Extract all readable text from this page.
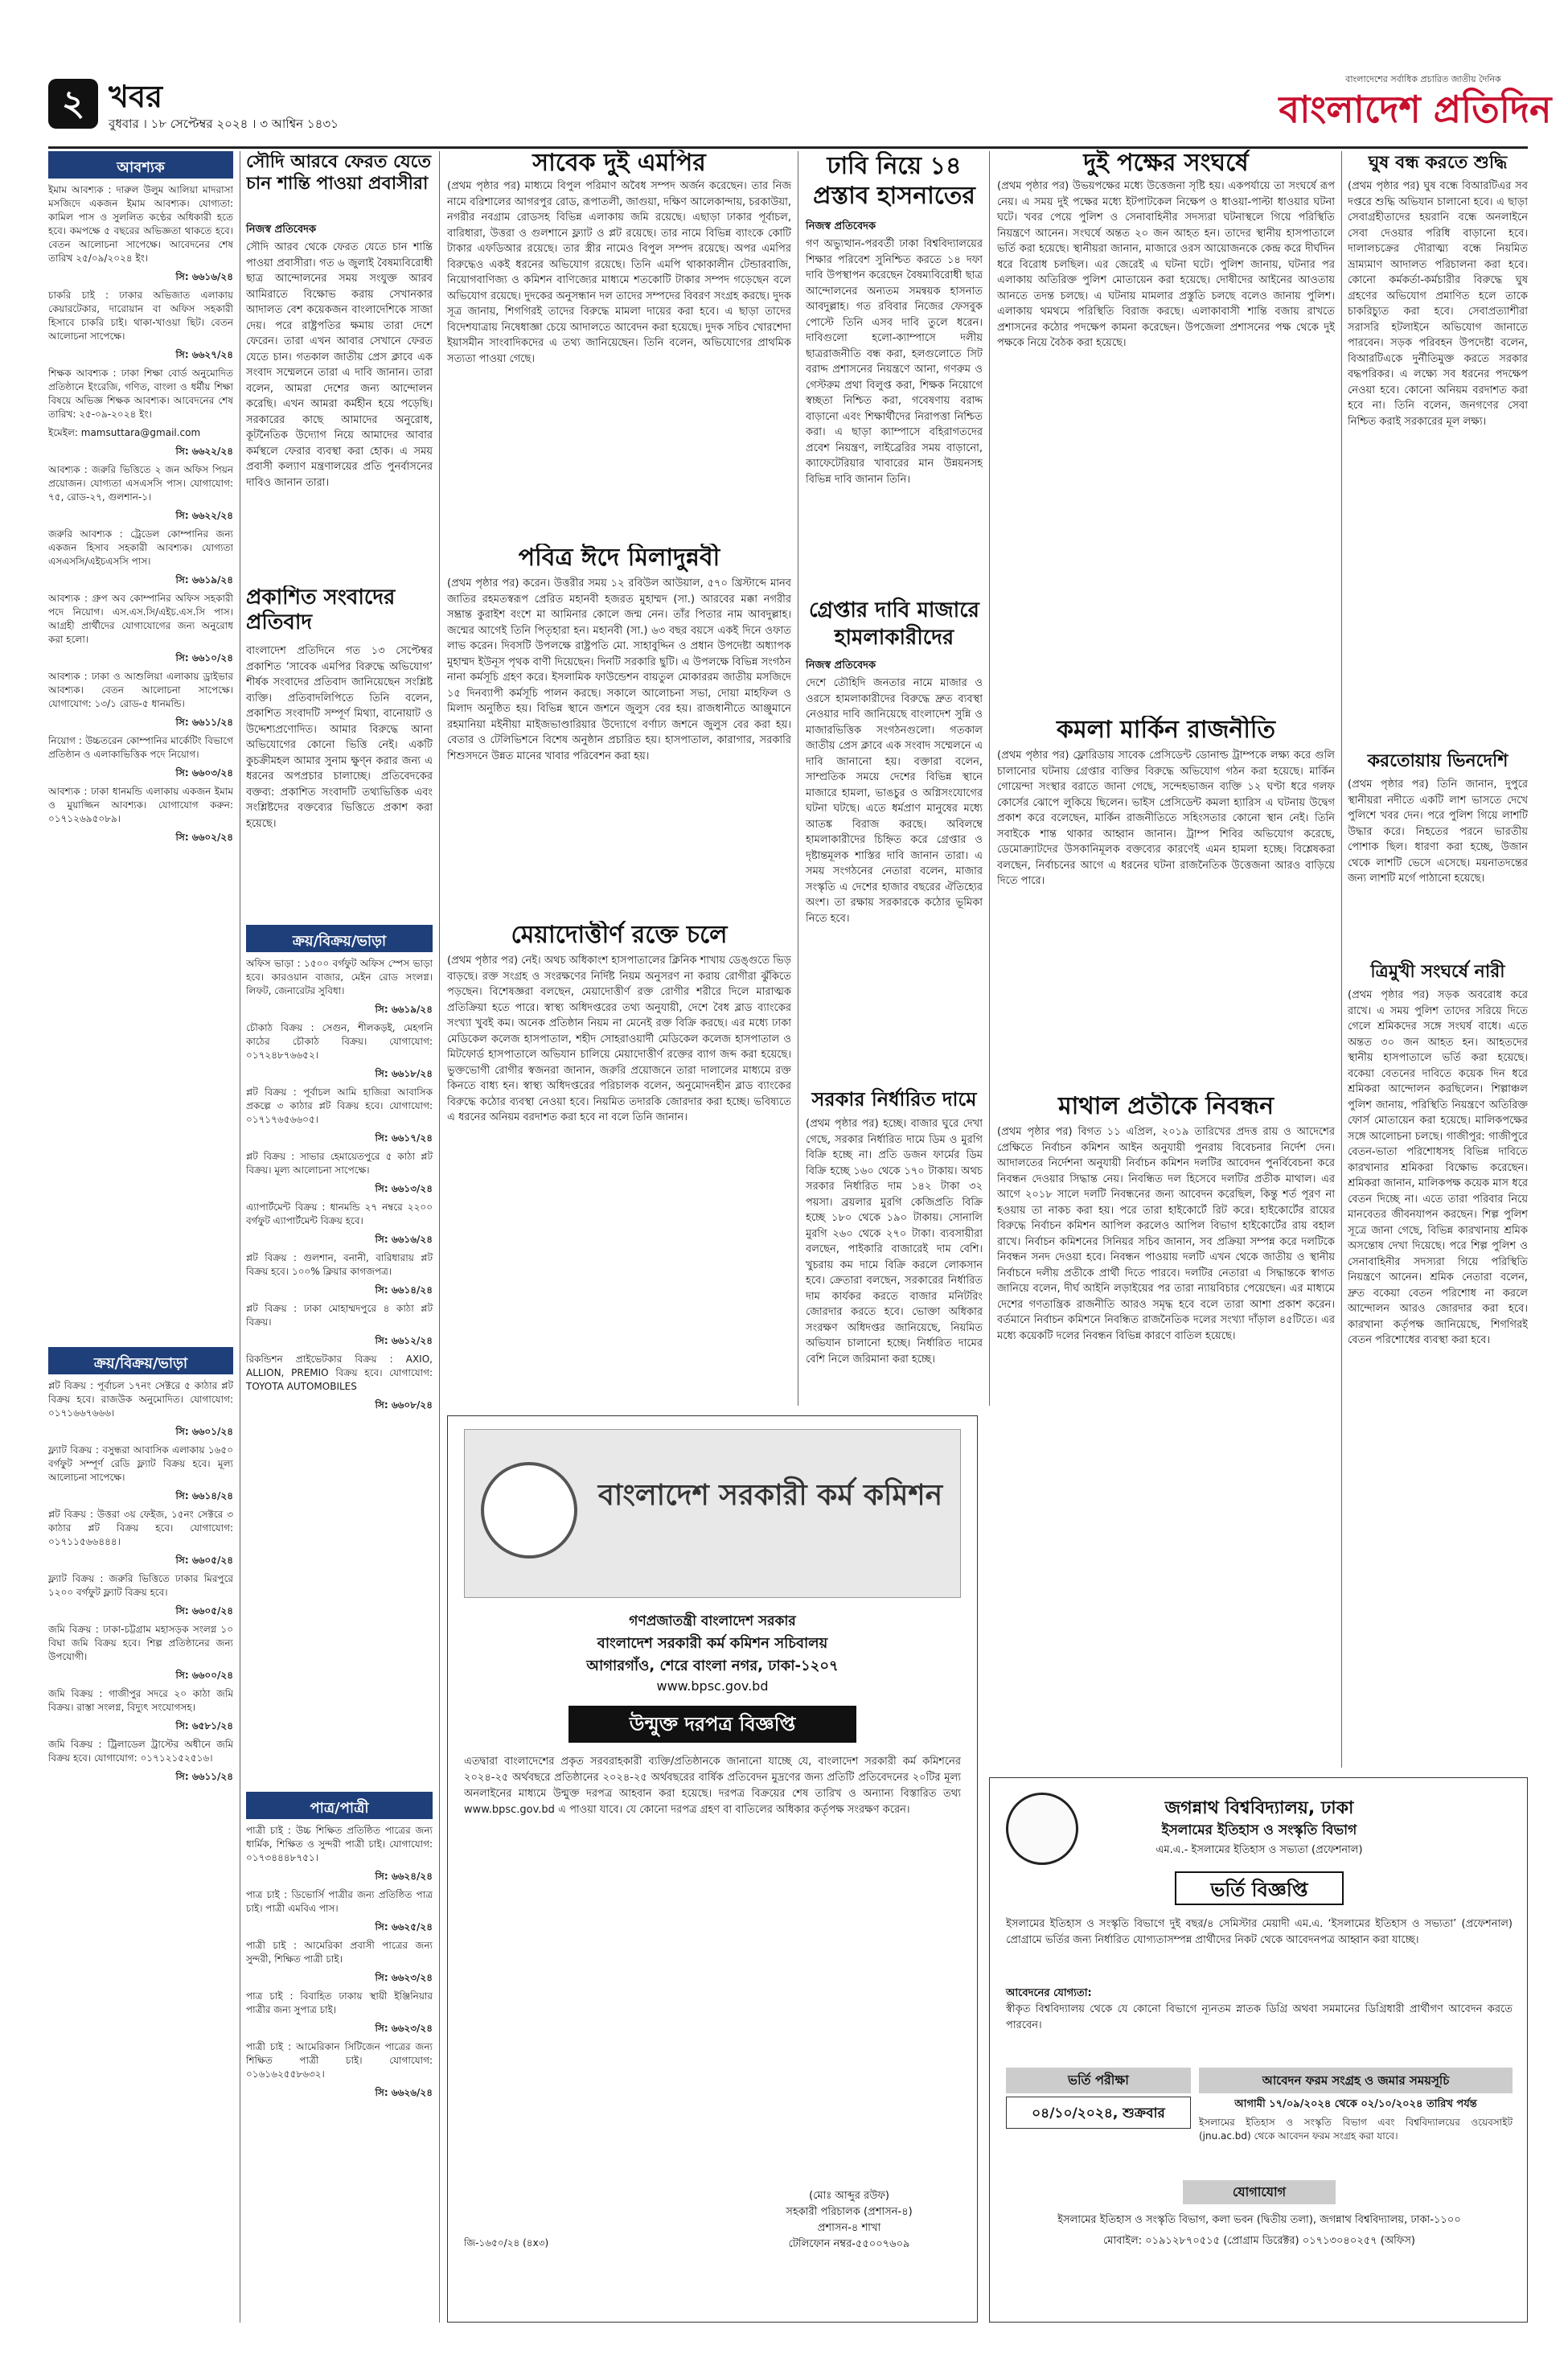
২ খবর
বুধবার । ১৮ সেপ্টেম্বর ২০২৪ । ৩ আশ্বিন ১৪৩১
বাংলাদেশের সর্বাধিক প্রচারিত জাতীয় দৈনিক
বাংলাদেশ প্রতিদিন
আবশ্যক

ইমাম আবশ্যক : দারুল উলুম আলিয়া মাদরাসা মসজিদে একজন ইমাম আবশ্যক। যোগ্যতা: কামিল পাস ও সুললিত কণ্ঠের অধিকারী হতে হবে। কমপক্ষে ৫ বছরের অভিজ্ঞতা থাকতে হবে। বেতন আলোচনা সাপেক্ষে। আবেদনের শেষ তারিখ ২৫/০৯/২০২৪ ইং।

সি: ৬৬১৬/২৪

চাকরি চাই : ঢাকার অভিজাত এলাকায় কেয়ারটেকার, দারোয়ান বা অফিস সহকারী হিসাবে চাকরি চাই। থাকা-খাওয়া ছিট। বেতন আলোচনা সাপেক্ষে।

সি: ৬৬২৭/২৪

শিক্ষক আবশ্যক : ঢাকা শিক্ষা বোর্ড অনুমোদিত প্রতিষ্ঠানে ইংরেজি, গণিত, বাংলা ও ধর্মীয় শিক্ষা বিষয়ে অভিজ্ঞ শিক্ষক আবশ্যক। আবেদনের শেষ তারিখ: ২৫-০৯-২০২৪ ইং।

ইমেইল: mamsuttara@gmail.com

সি: ৬৬২২/২৪

আবশ্যক : জরুরি ভিত্তিতে ২ জন অফিস পিয়ন প্রয়োজন। যোগ্যতা এসএসসি পাস। যোগাযোগ: ৭৫, রোড-২৭, গুলশান-১।

সি: ৬৬২২/২৪

জরুরি আবশ্যক : ট্রেডেল কোম্পানির জন্য একজন হিসাব সহকারী আবশ্যক। যোগ্যতা এসএসসি/এইচএসসি পাস।

সি: ৬৬১৯/২৪

আবশ্যক : গ্রুপ অব কোম্পানির অফিস সহকারী পদে নিয়োগ। এস.এস.সি/এইচ.এস.সি পাস। আগ্রহী প্রার্থীদের যোগাযোগের জন্য অনুরোধ করা হলো।

সি: ৬৬১০/২৪

আবশ্যক : ঢাকা ও আশুলিয়া এলাকায় ড্রাইভার আবশ্যক। বেতন আলোচনা সাপেক্ষে। যোগাযোগ: ১৩/১ রোড-৫ ধানমন্ডি।

সি: ৬৬১১/২৪

নিয়োগ : উচ্চতরেন কোম্পানির মার্কেটিং বিভাগে প্রতিষ্ঠান ও এলাকাভিত্তিক পদে নিয়োগ।

সি: ৬৬০৩/২৪

আবশ্যক : ঢাকা ধানমন্ডি এলাকায় একজন ইমাম ও মুয়াজ্জিন আবশ্যক। যোগাযোগ করুন: ০১৭১২৬৯৫০৮৯।

সি: ৬৬০২/২৪

ক্রয়/বিক্রয়/ভাড়া

প্লট বিক্রয় : পূর্বাচল ১৭নং সেক্টরে ৫ কাঠার প্লট বিক্রয় হবে। রাজউক অনুমোদিত। যোগাযোগ: ০১৭১৬৬৭৬৬৬।

সি: ৬৬০১/২৪

ফ্ল্যাট বিক্রয় : বসুন্ধরা আবাসিক এলাকায় ১৬৫০ বর্গফুট সম্পূর্ণ রেডি ফ্ল্যাট বিক্রয় হবে। মূল্য আলোচনা সাপেক্ষে।

সি: ৬৬১৪/২৪

প্লট বিক্রয় : উত্তরা ৩য় ফেইজ, ১৫নং সেক্টরে ৩ কাঠার প্লট বিক্রয় হবে। যোগাযোগ: ০১৭১১৫৬৬৪৪৪।

সি: ৬৬০৫/২৪

ফ্ল্যাট বিক্রয় : জরুরি ভিত্তিতে ঢাকার মিরপুরে ১২০০ বর্গফুট ফ্ল্যাট বিক্রয় হবে।

সি: ৬৬০৫/২৪

জমি বিক্রয় : ঢাকা-চট্টগ্রাম মহাসড়ক সংলগ্ন ১০ বিঘা জমি বিক্রয় হবে। শিল্প প্রতিষ্ঠানের জন্য উপযোগী।

সি: ৬৬০০/২৪

জমি বিক্রয় : গাজীপুর সদরে ২০ কাঠা জমি বিক্রয়। রাস্তা সংলগ্ন, বিদ্যুৎ সংযোগসহ।

সি: ৬৫৮১/২৪

জমি বিক্রয় : ট্রিলাডেল ট্রাস্টের অধীনে জমি বিক্রয় হবে। যোগাযোগ: ০১৭১২১৫২৫১৬।

সি: ৬৬১১/২৪

সৌদি আরবে ফেরত যেতে চান শান্তি পাওয়া প্রবাসীরা
নিজস্ব প্রতিবেদক
সৌদি আরব থেকে ফেরত যেতে চান শান্তি পাওয়া প্রবাসীরা। গত ৬ জুলাই বৈষম্যবিরোধী ছাত্র আন্দোলনের সময় সংযুক্ত আরব আমিরাতে বিক্ষোভ করায় সেখানকার আদালত বেশ কয়েকজন বাংলাদেশিকে সাজা দেয়। পরে রাষ্ট্রপতির ক্ষমায় তারা দেশে ফেরেন। তারা এখন আবার সেখানে ফেরত যেতে চান। গতকাল জাতীয় প্রেস ক্লাবে এক সংবাদ সম্মেলনে তারা এ দাবি জানান। তারা বলেন, আমরা দেশের জন্য আন্দোলন করেছি। এখন আমরা কর্মহীন হয়ে পড়েছি। সরকারের কাছে আমাদের অনুরোধ, কূটনৈতিক উদ্যোগ নিয়ে আমাদের আবার কর্মস্থলে ফেরার ব্যবস্থা করা হোক। এ সময় প্রবাসী কল্যাণ মন্ত্রণালয়ের প্রতি পুনর্বাসনের দাবিও জানান তারা।
প্রকাশিত সংবাদের প্রতিবাদ
বাংলাদেশ প্রতিদিনে গত ১৩ সেপ্টেম্বর প্রকাশিত ‘সাবেক এমপির বিরুদ্ধে অভিযোগ’ শীর্ষক সংবাদের প্রতিবাদ জানিয়েছেন সংশ্লিষ্ট ব্যক্তি। প্রতিবাদলিপিতে তিনি বলেন, প্রকাশিত সংবাদটি সম্পূর্ণ মিথ্যা, বানোয়াট ও উদ্দেশ্যপ্রণোদিত। আমার বিরুদ্ধে আনা অভিযোগের কোনো ভিত্তি নেই। একটি কুচক্রীমহল আমার সুনাম ক্ষুণ্ন করার জন্য এ ধরনের অপপ্রচার চালাচ্ছে। প্রতিবেদকের বক্তব্য: প্রকাশিত সংবাদটি তথ্যভিত্তিক এবং সংশ্লিষ্টদের বক্তব্যের ভিত্তিতে প্রকাশ করা হয়েছে।
ক্রয়/বিক্রয়/ভাড়া

অফিস ভাড়া : ১৫০০ বর্গফুট অফিস স্পেস ভাড়া হবে। কারওয়ান বাজার, মেইন রোড সংলগ্ন। লিফট, জেনারেটর সুবিধা।

সি: ৬৬১৯/২৪

চৌকাঠ বিক্রয় : সেগুন, শীলকড়ই, মেহগনি কাঠের চৌকাঠ বিক্রয়। যোগাযোগ: ০১৭২৪৮৭৬৬৫২।

সি: ৬৬১৮/২৪

প্লট বিক্রয় : পূর্বাচল আমি হাজিরা আবাসিক প্রকল্পে ৩ কাঠার প্লট বিক্রয় হবে। যোগাযোগ: ০১৭১৭৬৫৬৬০৫।

সি: ৬৬১৭/২৪

প্লট বিক্রয় : সাভার হেমায়েতপুরে ৫ কাঠা প্লট বিক্রয়। মূল্য আলোচনা সাপেক্ষে।

সি: ৬৬১৩/২৪

এ্যাপার্টমেন্ট বিক্রয় : ধানমন্ডি ২৭ নম্বরে ২২০০ বর্গফুট এ্যাপার্টমেন্ট বিক্রয় হবে।

সি: ৬৬১৬/২৪

প্লট বিক্রয় : গুলশান, বনানী, বারিধারায় প্লট বিক্রয় হবে। ১০০% ক্লিয়ার কাগজপত্র।

সি: ৬৬১৪/২৪

প্লট বিক্রয় : ঢাকা মোহাম্মদপুরে ৪ কাঠা প্লট বিক্রয়।

সি: ৬৬১২/২৪

রিকন্ডিশন প্রাইভেটকার বিক্রয় : AXIO, ALLION, PREMIO বিক্রয় হবে। যোগাযোগ: TOYOTA AUTOMOBILES

সি: ৬৬০৮/২৪

পাত্র/পাত্রী

পাত্রী চাই : উচ্চ শিক্ষিত প্রতিষ্ঠিত পাত্রের জন্য ধার্মিক, শিক্ষিত ও সুন্দরী পাত্রী চাই। যোগাযোগ: ০১৭৩৪৪৪৮৭৫১।

সি: ৬৬২৪/২৪

পাত্র চাই : ডিভোর্সি পাত্রীর জন্য প্রতিষ্ঠিত পাত্র চাই। পাত্রী এমবিএ পাস।

সি: ৬৬২৫/২৪

পাত্রী চাই : আমেরিকা প্রবাসী পাত্রের জন্য সুন্দরী, শিক্ষিত পাত্রী চাই।

সি: ৬৬২৩/২৪

পাত্র চাই : বিবাহিত ঢাকায় স্থায়ী ইঞ্জিনিয়ার পাত্রীর জন্য সুপাত্র চাই।

সি: ৬৬২৩/২৪

পাত্রী চাই : আমেরিকান সিটিজেন পাত্রের জন্য শিক্ষিত পাত্রী চাই। যোগাযোগ: ০১৬১৬২৫৫৮৬৩২।

সি: ৬৬২৬/২৪

সাবেক দুই এমপির
(প্রথম পৃষ্ঠার পর) মাধ্যমে বিপুল পরিমাণ অবৈধ সম্পদ অর্জন করেছেন। তার নিজ নামে বরিশালের আগরপুর রোড, রূপাতলী, জাগুয়া, দক্ষিণ আলেকান্দায়, চরকাউয়া, নগরীর নবগ্রাম রোডসহ বিভিন্ন এলাকায় জমি রয়েছে। এছাড়া ঢাকার পূর্বাচল, বারিধারা, উত্তরা ও গুলশানে ফ্ল্যাট ও প্লট রয়েছে। তার নামে বিভিন্ন ব্যাংকে কোটি টাকার এফডিআর রয়েছে। তার স্ত্রীর নামেও বিপুল সম্পদ রয়েছে। অপর এমপির বিরুদ্ধেও একই ধরনের অভিযোগ রয়েছে। তিনি এমপি থাকাকালীন টেন্ডারবাজি, নিয়োগবাণিজ্য ও কমিশন বাণিজ্যের মাধ্যমে শতকোটি টাকার সম্পদ গড়েছেন বলে অভিযোগ রয়েছে। দুদকের অনুসন্ধান দল তাদের সম্পদের বিবরণ সংগ্রহ করছে। দুদক সূত্র জানায়, শিগগিরই তাদের বিরুদ্ধে মামলা দায়ের করা হবে। এ ছাড়া তাদের বিদেশযাত্রায় নিষেধাজ্ঞা চেয়ে আদালতে আবেদন করা হয়েছে। দুদক সচিব খোরশেদা ইয়াসমীন সাংবাদিকদের এ তথ্য জানিয়েছেন। তিনি বলেন, অভিযোগের প্রাথমিক সত্যতা পাওয়া গেছে।
পবিত্র ঈদে মিলাদুন্নবী
(প্রথম পৃষ্ঠার পর) করেন। উত্তরীর সময় ১২ রবিউল আউয়াল, ৫৭০ খ্রিস্টাব্দে মানব জাতির রহমতস্বরূপ প্রেরিত মহানবী হজরত মুহাম্মদ (সা.) আরবের মক্কা নগরীর সম্ভ্রান্ত কুরাইশ বংশে মা আমিনার কোলে জন্ম নেন। তাঁর পিতার নাম আবদুল্লাহ। জন্মের আগেই তিনি পিতৃহারা হন। মহানবী (সা.) ৬৩ বছর বয়সে একই দিনে ওফাত লাভ করেন। দিবসটি উপলক্ষে রাষ্ট্রপতি মো. সাহাবুদ্দিন ও প্রধান উপদেষ্টা অধ্যাপক মুহাম্মদ ইউনূস পৃথক বাণী দিয়েছেন। দিনটি সরকারি ছুটি। এ উপলক্ষে বিভিন্ন সংগঠন নানা কর্মসূচি গ্রহণ করে। ইসলামিক ফাউন্ডেশন বায়তুল মোকাররম জাতীয় মসজিদে ১৫ দিনব্যাপী কর্মসূচি পালন করছে। সকালে আলোচনা সভা, দোয়া মাহফিল ও মিলাদ অনুষ্ঠিত হয়। বিভিন্ন স্থানে জশনে জুলুস বের হয়। রাজধানীতে আঞ্জুমানে রহমানিয়া মইনীয়া মাইজভাণ্ডারিয়ার উদ্যোগে বর্ণাঢ্য জশনে জুলুস বের করা হয়। বেতার ও টেলিভিশনে বিশেষ অনুষ্ঠান প্রচারিত হয়। হাসপাতাল, কারাগার, সরকারি শিশুসদনে উন্নত মানের খাবার পরিবেশন করা হয়।
মেয়াদোত্তীর্ণ রক্তে চলে
(প্রথম পৃষ্ঠার পর) নেই। অথচ অধিকাংশ হাসপাতালের ক্লিনিক শাখায় ডেঙ্গুতে ভিড় বাড়ছে। রক্ত সংগ্রহ ও সংরক্ষণের নির্দিষ্ট নিয়ম অনুসরণ না করায় রোগীরা ঝুঁকিতে পড়ছেন। বিশেষজ্ঞরা বলছেন, মেয়াদোত্তীর্ণ রক্ত রোগীর শরীরে দিলে মারাত্মক প্রতিক্রিয়া হতে পারে। স্বাস্থ্য অধিদপ্তরের তথ্য অনুযায়ী, দেশে বৈধ ব্লাড ব্যাংকের সংখ্যা খুবই কম। অনেক প্রতিষ্ঠান নিয়ম না মেনেই রক্ত বিক্রি করছে। এর মধ্যে ঢাকা মেডিকেল কলেজ হাসপাতাল, শহীদ সোহরাওয়ার্দী মেডিকেল কলেজ হাসপাতাল ও মিটফোর্ড হাসপাতালে অভিযান চালিয়ে মেয়াদোত্তীর্ণ রক্তের ব্যাগ জব্দ করা হয়েছে। ভুক্তভোগী রোগীর স্বজনরা জানান, জরুরি প্রয়োজনে তারা দালালের মাধ্যমে রক্ত কিনতে বাধ্য হন। স্বাস্থ্য অধিদপ্তরের পরিচালক বলেন, অনুমোদনহীন ব্লাড ব্যাংকের বিরুদ্ধে কঠোর ব্যবস্থা নেওয়া হবে। নিয়মিত তদারকি জোরদার করা হচ্ছে। ভবিষ্যতে এ ধরনের অনিয়ম বরদাশত করা হবে না বলে তিনি জানান।
ঢাবি নিয়ে ১৪ প্রস্তাব হাসনাতের
নিজস্ব প্রতিবেদক
গণ অভ্যুত্থান-পরবর্তী ঢাকা বিশ্ববিদ্যালয়ের শিক্ষার পরিবেশ সুনিশ্চিত করতে ১৪ দফা দাবি উপস্থাপন করেছেন বৈষম্যবিরোধী ছাত্র আন্দোলনের অন্যতম সমন্বয়ক হাসনাত আবদুল্লাহ। গত রবিবার নিজের ফেসবুক পোস্টে তিনি এসব দাবি তুলে ধরেন। দাবিগুলো হলো-ক্যাম্পাসে দলীয় ছাত্ররাজনীতি বন্ধ করা, হলগুলোতে সিট বরাদ্দ প্রশাসনের নিয়ন্ত্রণে আনা, গণরুম ও গেস্টরুম প্রথা বিলুপ্ত করা, শিক্ষক নিয়োগে স্বচ্ছতা নিশ্চিত করা, গবেষণায় বরাদ্দ বাড়ানো এবং শিক্ষার্থীদের নিরাপত্তা নিশ্চিত করা। এ ছাড়া ক্যাম্পাসে বহিরাগতদের প্রবেশ নিয়ন্ত্রণ, লাইব্রেরির সময় বাড়ানো, ক্যাফেটেরিয়ার খাবারের মান উন্নয়নসহ বিভিন্ন দাবি জানান তিনি।
গ্রেপ্তার দাবি মাজারে হামলাকারীদের
নিজস্ব প্রতিবেদক
দেশে তৌহিদি জনতার নামে মাজার ও ওরসে হামলাকারীদের বিরুদ্ধে দ্রুত ব্যবস্থা নেওয়ার দাবি জানিয়েছে বাংলাদেশ সুন্নি ও মাজারভিত্তিক সংগঠনগুলো। গতকাল জাতীয় প্রেস ক্লাবে এক সংবাদ সম্মেলনে এ দাবি জানানো হয়। বক্তারা বলেন, সাম্প্রতিক সময়ে দেশের বিভিন্ন স্থানে মাজারে হামলা, ভাঙচুর ও অগ্নিসংযোগের ঘটনা ঘটছে। এতে ধর্মপ্রাণ মানুষের মধ্যে আতঙ্ক বিরাজ করছে। অবিলম্বে হামলাকারীদের চিহ্নিত করে গ্রেপ্তার ও দৃষ্টান্তমূলক শাস্তির দাবি জানান তারা। এ সময় সংগঠনের নেতারা বলেন, মাজার সংস্কৃতি এ দেশের হাজার বছরের ঐতিহ্যের অংশ। তা রক্ষায় সরকারকে কঠোর ভূমিকা নিতে হবে।
সরকার নির্ধারিত দামে
(প্রথম পৃষ্ঠার পর) হচ্ছে। বাজার ঘুরে দেখা গেছে, সরকার নির্ধারিত দামে ডিম ও মুরগি বিক্রি হচ্ছে না। প্রতি ডজন ফার্মের ডিম বিক্রি হচ্ছে ১৬০ থেকে ১৭০ টাকায়। অথচ সরকার নির্ধারিত দাম ১৪২ টাকা ৩২ পয়সা। ব্রয়লার মুরগি কেজিপ্রতি বিক্রি হচ্ছে ১৮০ থেকে ১৯০ টাকায়। সোনালি মুরগি ২৬০ থেকে ২৭০ টাকা। ব্যবসায়ীরা বলছেন, পাইকারি বাজারেই দাম বেশি। খুচরায় কম দামে বিক্রি করলে লোকসান হবে। ক্রেতারা বলছেন, সরকারের নির্ধারিত দাম কার্যকর করতে বাজার মনিটরিং জোরদার করতে হবে। ভোক্তা অধিকার সংরক্ষণ অধিদপ্তর জানিয়েছে, নিয়মিত অভিযান চালানো হচ্ছে। নির্ধারিত দামের বেশি নিলে জরিমানা করা হচ্ছে।
দুই পক্ষের সংঘর্ষে
(প্রথম পৃষ্ঠার পর) উভয়পক্ষের মধ্যে উত্তেজনা সৃষ্টি হয়। একপর্যায়ে তা সংঘর্ষে রূপ নেয়। এ সময় দুই পক্ষের মধ্যে ইটপাটকেল নিক্ষেপ ও ধাওয়া-পাল্টা ধাওয়ার ঘটনা ঘটে। খবর পেয়ে পুলিশ ও সেনাবাহিনীর সদস্যরা ঘটনাস্থলে গিয়ে পরিস্থিতি নিয়ন্ত্রণে আনেন। সংঘর্ষে অন্তত ২০ জন আহত হন। তাদের স্থানীয় হাসপাতালে ভর্তি করা হয়েছে। স্থানীয়রা জানান, মাজারে ওরস আয়োজনকে কেন্দ্র করে দীর্ঘদিন ধরে বিরোধ চলছিল। এর জেরেই এ ঘটনা ঘটে। পুলিশ জানায়, ঘটনার পর এলাকায় অতিরিক্ত পুলিশ মোতায়েন করা হয়েছে। দোষীদের আইনের আওতায় আনতে তদন্ত চলছে। এ ঘটনায় মামলার প্রস্তুতি চলছে বলেও জানায় পুলিশ। এলাকায় থমথমে পরিস্থিতি বিরাজ করছে। এলাকাবাসী শান্তি বজায় রাখতে প্রশাসনের কঠোর পদক্ষেপ কামনা করেছেন। উপজেলা প্রশাসনের পক্ষ থেকে দুই পক্ষকে নিয়ে বৈঠক করা হয়েছে।
কমলা মার্কিন রাজনীতি
(প্রথম পৃষ্ঠার পর) ফ্লোরিডায় সাবেক প্রেসিডেন্ট ডোনাল্ড ট্রাম্পকে লক্ষ্য করে গুলি চালানোর ঘটনায় গ্রেপ্তার ব্যক্তির বিরুদ্ধে অভিযোগ গঠন করা হয়েছে। মার্কিন গোয়েন্দা সংস্থার বরাতে জানা গেছে, সন্দেহভাজন ব্যক্তি ১২ ঘণ্টা ধরে গলফ কোর্সের ঝোপে লুকিয়ে ছিলেন। ভাইস প্রেসিডেন্ট কমলা হ্যারিস এ ঘটনায় উদ্বেগ প্রকাশ করে বলেছেন, মার্কিন রাজনীতিতে সহিংসতার কোনো স্থান নেই। তিনি সবাইকে শান্ত থাকার আহ্বান জানান। ট্রাম্প শিবির অভিযোগ করেছে, ডেমোক্র্যাটদের উসকানিমূলক বক্তব্যের কারণেই এমন হামলা হচ্ছে। বিশ্লেষকরা বলছেন, নির্বাচনের আগে এ ধরনের ঘটনা রাজনৈতিক উত্তেজনা আরও বাড়িয়ে দিতে পারে।
মাথাল প্রতীকে নিবন্ধন
(প্রথম পৃষ্ঠার পর) বিগত ১১ এপ্রিল, ২০১৯ তারিখের প্রদত্ত রায় ও আদেশের প্রেক্ষিতে নির্বাচন কমিশন আইন অনুযায়ী পুনরায় বিবেচনার নির্দেশ দেন। আদালতের নির্দেশনা অনুযায়ী নির্বাচন কমিশন দলটির আবেদন পুনর্বিবেচনা করে নিবন্ধন দেওয়ার সিদ্ধান্ত নেয়। নিবন্ধিত দল হিসেবে দলটির প্রতীক মাথাল। এর আগে ২০১৮ সালে দলটি নিবন্ধনের জন্য আবেদন করেছিল, কিন্তু শর্ত পূরণ না হওয়ায় তা নাকচ করা হয়। পরে তারা হাইকোর্টে রিট করে। হাইকোর্টের রায়ের বিরুদ্ধে নির্বাচন কমিশন আপিল করলেও আপিল বিভাগ হাইকোর্টের রায় বহাল রাখে। নির্বাচন কমিশনের সিনিয়র সচিব জানান, সব প্রক্রিয়া সম্পন্ন করে দলটিকে নিবন্ধন সনদ দেওয়া হবে। নিবন্ধন পাওয়ায় দলটি এখন থেকে জাতীয় ও স্থানীয় নির্বাচনে দলীয় প্রতীকে প্রার্থী দিতে পারবে। দলটির নেতারা এ সিদ্ধান্তকে স্বাগত জানিয়ে বলেন, দীর্ঘ আইনি লড়াইয়ের পর তারা ন্যায়বিচার পেয়েছেন। এর মাধ্যমে দেশের গণতান্ত্রিক রাজনীতি আরও সমৃদ্ধ হবে বলে তারা আশা প্রকাশ করেন। বর্তমানে নির্বাচন কমিশনে নিবন্ধিত রাজনৈতিক দলের সংখ্যা দাঁড়াল ৪৫টিতে। এর মধ্যে কয়েকটি দলের নিবন্ধন বিভিন্ন কারণে বাতিল হয়েছে।
ঘুষ বন্ধ করতে শুদ্ধি
(প্রথম পৃষ্ঠার পর) ঘুষ বন্ধে বিআরটিএর সব দপ্তরে শুদ্ধি অভিযান চালানো হবে। এ ছাড়া সেবাগ্রহীতাদের হয়রানি বন্ধে অনলাইনে সেবা দেওয়ার পরিধি বাড়ানো হবে। দালালচক্রের দৌরাত্ম্য বন্ধে নিয়মিত ভ্রাম্যমাণ আদালত পরিচালনা করা হবে। কোনো কর্মকর্তা-কর্মচারীর বিরুদ্ধে ঘুষ গ্রহণের অভিযোগ প্রমাণিত হলে তাকে চাকরিচ্যুত করা হবে। সেবাপ্রত্যাশীরা সরাসরি হটলাইনে অভিযোগ জানাতে পারবেন। সড়ক পরিবহন উপদেষ্টা বলেন, বিআরটিএকে দুর্নীতিমুক্ত করতে সরকার বদ্ধপরিকর। এ লক্ষ্যে সব ধরনের পদক্ষেপ নেওয়া হবে। কোনো অনিয়ম বরদাশত করা হবে না। তিনি বলেন, জনগণের সেবা নিশ্চিত করাই সরকারের মূল লক্ষ্য।
করতোয়ায় ভিনদেশি
(প্রথম পৃষ্ঠার পর) তিনি জানান, দুপুরে স্থানীয়রা নদীতে একটি লাশ ভাসতে দেখে পুলিশে খবর দেন। পরে পুলিশ গিয়ে লাশটি উদ্ধার করে। নিহতের পরনে ভারতীয় পোশাক ছিল। ধারণা করা হচ্ছে, উজান থেকে লাশটি ভেসে এসেছে। ময়নাতদন্তের জন্য লাশটি মর্গে পাঠানো হয়েছে।
ত্রিমুখী সংঘর্ষে নারী
(প্রথম পৃষ্ঠার পর) সড়ক অবরোধ করে রাখে। এ সময় পুলিশ তাদের সরিয়ে দিতে গেলে শ্রমিকদের সঙ্গে সংঘর্ষ বাধে। এতে অন্তত ৩০ জন আহত হন। আহতদের স্থানীয় হাসপাতালে ভর্তি করা হয়েছে। বকেয়া বেতনের দাবিতে কয়েক দিন ধরে শ্রমিকরা আন্দোলন করছিলেন। শিল্পাঞ্চল পুলিশ জানায়, পরিস্থিতি নিয়ন্ত্রণে অতিরিক্ত ফোর্স মোতায়েন করা হয়েছে। মালিকপক্ষের সঙ্গে আলোচনা চলছে। গাজীপুর: গাজীপুরে বেতন-ভাতা পরিশোধসহ বিভিন্ন দাবিতে কারখানার শ্রমিকরা বিক্ষোভ করেছেন। শ্রমিকরা জানান, মালিকপক্ষ কয়েক মাস ধরে বেতন দিচ্ছে না। এতে তারা পরিবার নিয়ে মানবেতর জীবনযাপন করছেন। শিল্প পুলিশ সূত্রে জানা গেছে, বিভিন্ন কারখানায় শ্রমিক অসন্তোষ দেখা দিয়েছে। পরে শিল্প পুলিশ ও সেনাবাহিনীর সদস্যরা গিয়ে পরিস্থিতি নিয়ন্ত্রণে আনেন। শ্রমিক নেতারা বলেন, দ্রুত বকেয়া বেতন পরিশোধ না করলে আন্দোলন আরও জোরদার করা হবে। কারখানা কর্তৃপক্ষ জানিয়েছে, শিগগিরই বেতন পরিশোধের ব্যবস্থা করা হবে।
বাংলাদেশ সরকারী কর্ম কমিশন
গণপ্রজাতন্ত্রী বাংলাদেশ সরকার
বাংলাদেশ সরকারী কর্ম কমিশন সচিবালয়
আগারগাঁও, শেরে বাংলা নগর, ঢাকা-১২০৭
www.bpsc.gov.bd
উন্মুক্ত দরপত্র বিজ্ঞপ্তি
এতদ্বারা বাংলাদেশের প্রকৃত সরবরাহকারী ব্যক্তি/প্রতিষ্ঠানকে জানানো যাচ্ছে যে, বাংলাদেশ সরকারী কর্ম কমিশনের ২০২৪-২৫ অর্থবছরে প্রতিষ্ঠানের ২০২৪-২৫ অর্থবছরের বার্ষিক প্রতিবেদন মুদ্রণের জন্য প্রতিটি প্রতিবেদনের ২০টির মূল্য অনলাইনের মাধ্যমে উন্মুক্ত দরপত্র আহবান করা হয়েছে। দরপত্র বিক্রয়ের শেষ তারিখ ও অন্যান্য বিস্তারিত তথ্য www.bpsc.gov.bd এ পাওয়া যাবে। যে কোনো দরপত্র গ্রহণ বা বাতিলের অধিকার কর্তৃপক্ষ সংরক্ষণ করেন।
(মোঃ আব্দুর রউফ)
সহকারী পরিচালক (প্রশাসন-৪)
প্রশাসন-৪ শাখা
টেলিফোন নম্বর-৫৫০০৭৬০৯
জি-১৬৫০/২৪ (৪x৩)
জগন্নাথ বিশ্ববিদ্যালয়, ঢাকা
ইসলামের ইতিহাস ও সংস্কৃতি বিভাগ
এম.এ.- ইসলামের ইতিহাস ও সভ্যতা (প্রফেশনাল)
ভর্তি বিজ্ঞপ্তি
ইসলামের ইতিহাস ও সংস্কৃতি বিভাগে দুই বছর/৪ সেমিস্টার মেয়াদী এম.এ. ‘ইসলামের ইতিহাস ও সভ্যতা’ (প্রফেশনাল) প্রোগ্রামে ভর্তির জন্য নির্ধারিত যোগ্যতাসম্পন্ন প্রার্থীদের নিকট থেকে আবেদনপত্র আহ্বান করা যাচ্ছে।
আবেদনের যোগ্যতা:
স্বীকৃত বিশ্ববিদ্যালয় থেকে যে কোনো বিভাগে ন্যূনতম স্নাতক ডিগ্রি অথবা সমমানের ডিগ্রিধারী প্রার্থীগণ আবেদন করতে পারবেন।
ভর্তি পরীক্ষা
০৪/১০/২০২৪, শুক্রবার
আবেদন ফরম সংগ্রহ ও জমার সময়সূচি
আগামী ১৭/০৯/২০২৪ থেকে ০২/১০/২০২৪ তারিখ পর্যন্ত
ইসলামের ইতিহাস ও সংস্কৃতি বিভাগ এবং বিশ্ববিদ্যালয়ের ওয়েবসাইট (jnu.ac.bd) থেকে আবেদন ফরম সংগ্রহ করা যাবে।
যোগাযোগ
ইসলামের ইতিহাস ও সংস্কৃতি বিভাগ, কলা ভবন (দ্বিতীয় তলা), জগন্নাথ বিশ্ববিদ্যালয়, ঢাকা-১১০০
মোবাইল: ০১৯১২৮৭০৫১৫ (প্রোগ্রাম ডিরেক্টর) ০১৭১৩০৪০২৫৭ (অফিস)
